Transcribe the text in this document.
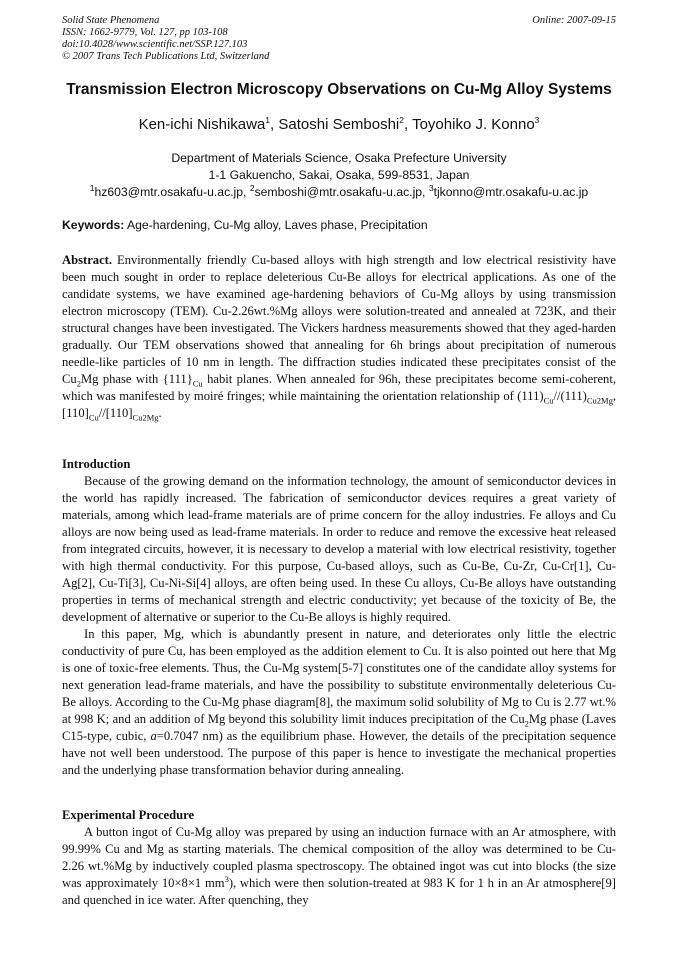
Solid State Phenomena
ISSN: 1662-9779, Vol. 127, pp 103-108
doi:10.4028/www.scientific.net/SSP.127.103
© 2007 Trans Tech Publications Ltd, Switzerland
Online: 2007-09-15
Transmission Electron Microscopy Observations on Cu-Mg Alloy Systems
Ken-ichi Nishikawa$^1$, Satoshi Semboshi$^2$, Toyohiko J. Konno$^3$
Department of Materials Science, Osaka Prefecture University
1-1 Gakuencho, Sakai, Osaka, 599-8531, Japan
$^1$hz603@mtr.osakafu-u.ac.jp, $^2$semboshi@mtr.osakafu-u.ac.jp, $^3$tjkonno@mtr.osakafu-u.ac.jp
Keywords: Age-hardening, Cu-Mg alloy, Laves phase, Precipitation

Abstract. Environmentally friendly Cu-based alloys with high strength and low electrical resistivity have been much sought in order to replace deleterious Cu-Be alloys for electrical applications. As one of the candidate systems, we have examined age-hardening behaviors of Cu-Mg alloys by using transmission electron microscopy (TEM). Cu-2.26wt.%Mg alloys were solution-treated and annealed at 723K, and their structural changes have been investigated. The Vickers hardness measurements showed that they aged-harden gradually. Our TEM observations showed that annealing for 6h brings about precipitation of numerous needle-like particles of 10 nm in length. The diffraction studies indicated these precipitates consist of the $Cu_2Mg$ phase with $\{111\}_{Cu}$ habit planes. When annealed for 96h, these precipitates become semi-coherent, which was manifested by moiré fringes; while maintaining the orientation relationship of $(111)_{Cu}//(111)_{Cu2Mg}$, $[110]_{Cu}//[110]_{Cu2Mg}$.

Introduction

Because of the growing demand on the information technology, the amount of semiconductor devices in the world has rapidly increased. The fabrication of semiconductor devices requires a great variety of materials, among which lead-frame materials are of prime concern for the alloy industries. Fe alloys and Cu alloys are now being used as lead-frame materials. In order to reduce and remove the excessive heat released from integrated circuits, however, it is necessary to develop a material with low electrical resistivity, together with high thermal conductivity. For this purpose, Cu-based alloys, such as Cu-Be, Cu-Zr, Cu-Cr[1], Cu-Ag[2], Cu-Ti[3], Cu-Ni-Si[4] alloys, are often being used. In these Cu alloys, Cu-Be alloys have outstanding properties in terms of mechanical strength and electric conductivity; yet because of the toxicity of Be, the development of alternative or superior to the Cu-Be alloys is highly required.

In this paper, Mg, which is abundantly present in nature, and deteriorates only little the electric conductivity of pure Cu, has been employed as the addition element to Cu. It is also pointed out here that Mg is one of toxic-free elements. Thus, the Cu-Mg system[5-7] constitutes one of the candidate alloy systems for next generation lead-frame materials, and have the possibility to substitute environmentally deleterious Cu-Be alloys. According to the Cu-Mg phase diagram[8], the maximum solid solubility of Mg to Cu is 2.77 wt.% at 998 K; and an addition of Mg beyond this solubility limit induces precipitation of the $Cu_2Mg$ phase (Laves C15-type, cubic, a=0.7047 nm) as the equilibrium phase. However, the details of the precipitation sequence have not well been understood. The purpose of this paper is hence to investigate the mechanical properties and the underlying phase transformation behavior during annealing.

Experimental Procedure

A button ingot of Cu-Mg alloy was prepared by using an induction furnace with an Ar atmosphere, with 99.99% Cu and Mg as starting materials. The chemical composition of the alloy was determined to be Cu-2.26 wt.%Mg by inductively coupled plasma spectroscopy. The obtained ingot was cut into blocks (the size was approximately 10×8×1 $mm^3$), which were then solution-treated at 983 K for 1 h in an Ar atmosphere[9] and quenched in ice water. After quenching, they
